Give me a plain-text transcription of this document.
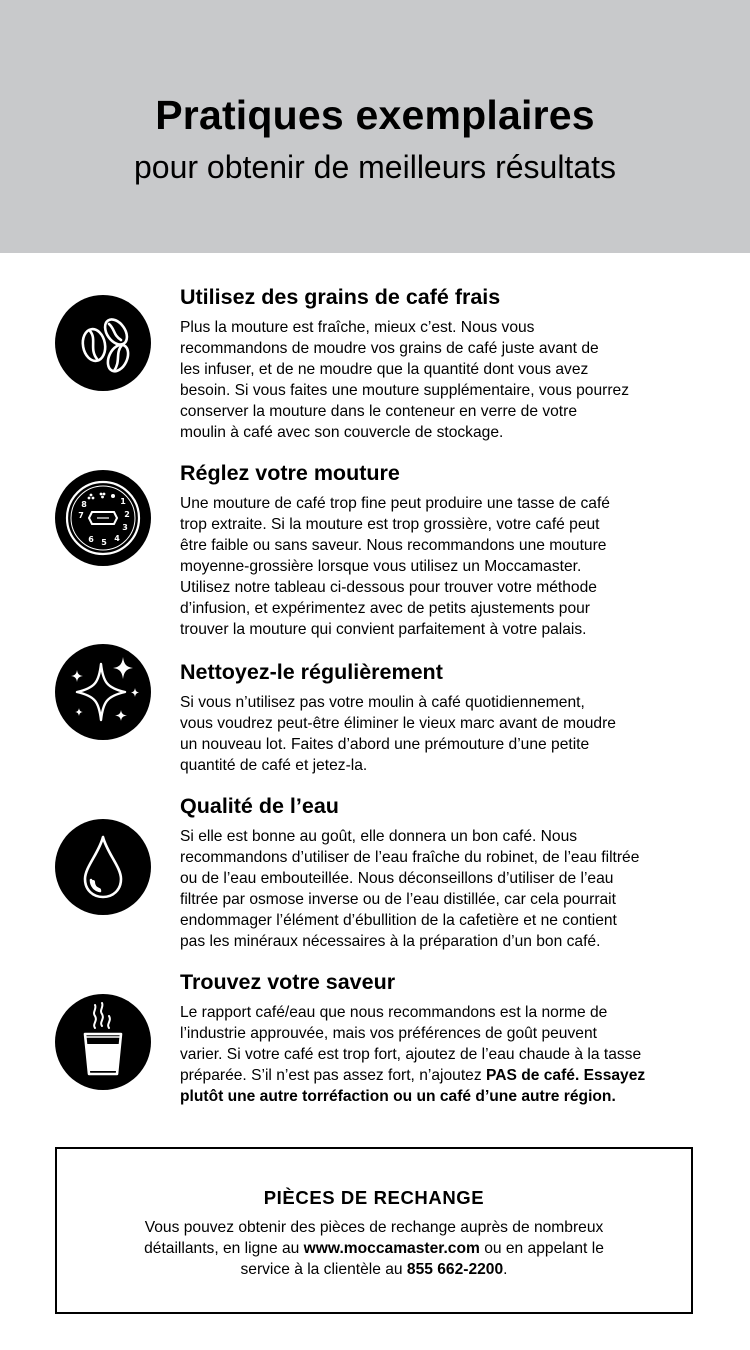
Pratiques exemplaires
pour obtenir de meilleurs résultats
Utilisez des grains de café frais

Plus la mouture est fraîche, mieux c’est. Nous vous
recommandons de moudre vos grains de café juste avant de
les infuser, et de ne moudre que la quantité dont vous avez
besoin. Si vous faites une mouture supplémentaire, vous pourrez
conserver la mouture dans le conteneur en verre de votre
moulin à café avec son couvercle de stockage.

1
2
3
4
5
6
7
8
Réglez votre mouture

Une mouture de café trop fine peut produire une tasse de café
trop extraite. Si la mouture est trop grossière, votre café peut
être faible ou sans saveur. Nous recommandons une mouture
moyenne-grossière lorsque vous utilisez un Moccamaster.
Utilisez notre tableau ci-dessous pour trouver votre méthode
d’infusion, et expérimentez avec de petits ajustements pour
trouver la mouture qui convient parfaitement à votre palais.

Nettoyez-le régulièrement

Si vous n’utilisez pas votre moulin à café quotidiennement,
vous voudrez peut-être éliminer le vieux marc avant de moudre
un nouveau lot. Faites d’abord une prémouture d’une petite
quantité de café et jetez-la.

Qualité de l’eau

Si elle est bonne au goût, elle donnera un bon café. Nous
recommandons d’utiliser de l’eau fraîche du robinet, de l’eau filtrée
ou de l’eau embouteillée. Nous déconseillons d’utiliser de l’eau
filtrée par osmose inverse ou de l’eau distillée, car cela pourrait
endommager l’élément d’ébullition de la cafetière et ne contient
pas les minéraux nécessaires à la préparation d’un bon café.

Trouvez votre saveur

Le rapport café/eau que nous recommandons est la norme de
l’industrie approuvée, mais vos préférences de goût peuvent
varier. Si votre café est trop fort, ajoutez de l’eau chaude à la tasse
préparée. S’il n’est pas assez fort, n’ajoutez PAS de café. Essayez
plutôt une autre torréfaction ou un café d’une autre région.

PIÈCES DE RECHANGE

Vous pouvez obtenir des pièces de rechange auprès de nombreux
détaillants, en ligne au www.moccamaster.com ou en appelant le
service à la clientèle au 855 662-2200.
